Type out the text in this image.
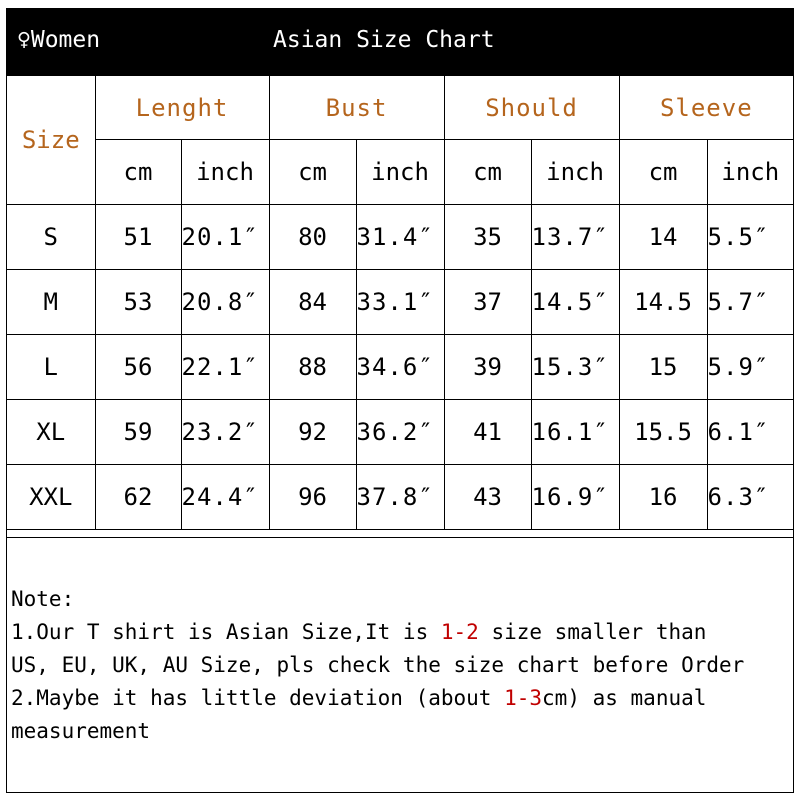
♀Women	Asian Size Chart
Size	Lenght		Bust		Should		Sleeve	
	cm	inch	cm	inch	cm	inch	cm	inch
S	51	20.1″	80	31.4″	35	13.7″	14	5.5″
M	53	20.8″	84	33.1″	37	14.5″	14.5	5.7″
L	56	22.1″	88	34.6″	39	15.3″	15	5.9″
XL	59	23.2″	92	36.2″	41	16.1″	15.5	6.1″
XXL	62	24.4″	96	37.8″	43	16.9″	16	6.3″
Note:
1.Our T shirt is Asian Size,It is 1-2 size smaller than
US, EU, UK, AU Size, pls check the size chart before Order
2.Maybe it has little deviation (about 1-3cm) as manual
measurement
